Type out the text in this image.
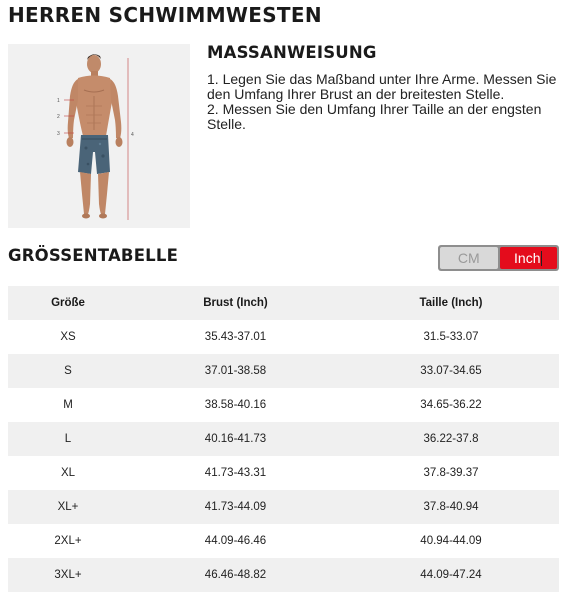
HERREN SCHWIMMWESTEN
1
2
3	4
MASSANWEISUNG

1. Legen Sie das Maßband unter Ihre Arme. Messen Sie den Umfang Ihrer Brust an der breitesten Stelle.

2. Messen Sie den Umfang Ihrer Taille an der engsten Stelle.

GRÖSSENTABELLE	CM Inch
Größe	Brust (Inch)	Taille (Inch)
XS	35.43-37.01	31.5-33.07
S	37.01-38.58	33.07-34.65
M	38.58-40.16	34.65-36.22
L	40.16-41.73	36.22-37.8
XL	41.73-43.31	37.8-39.37
XL+	41.73-44.09	37.8-40.94
2XL+	44.09-46.46	40.94-44.09
3XL+	46.46-48.82	44.09-47.24
